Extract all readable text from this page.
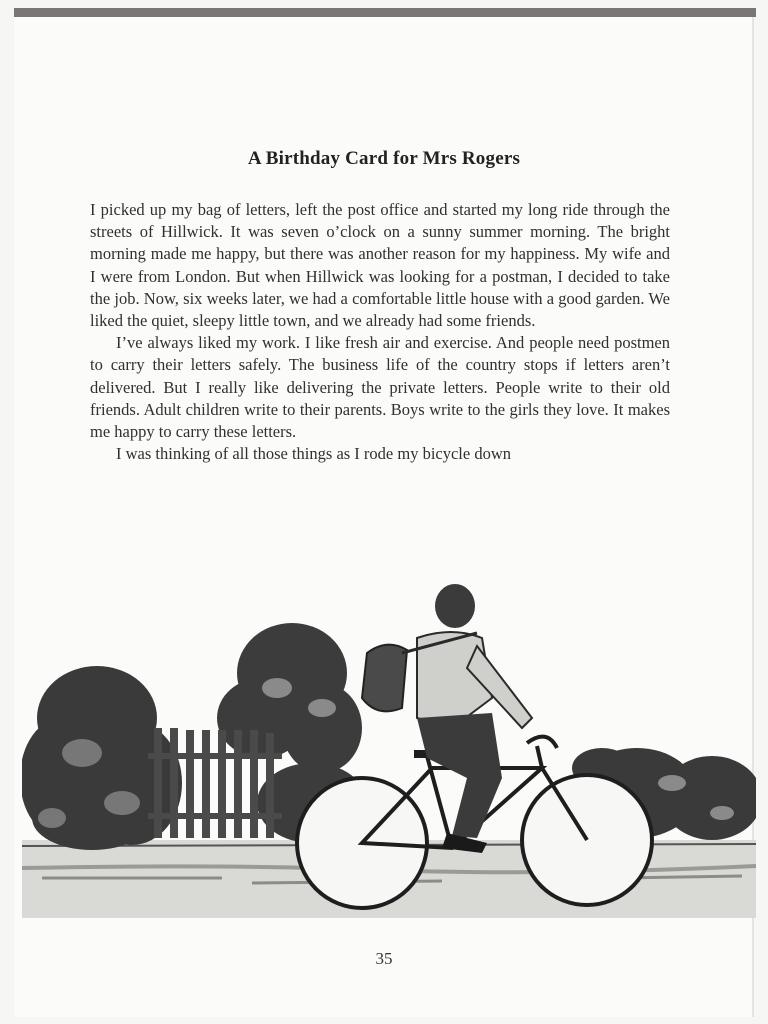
A Birthday Card for Mrs Rogers

I picked up my bag of letters, left the post office and started my long ride through the streets of Hillwick. It was seven o’clock on a sunny summer morning. The bright morning made me happy, but there was another reason for my happiness. My wife and I were from London. But when Hillwick was looking for a postman, I decided to take the job. Now, six weeks later, we had a comfortable little house with a good garden. We liked the quiet, sleepy little town, and we already had some friends.

I’ve always liked my work. I like fresh air and exercise. And people need postmen to carry their letters safely. The business life of the country stops if letters aren’t delivered. But I really like delivering the private letters. People write to their old friends. Adult children write to their parents. Boys write to the girls they love. It makes me happy to carry these letters.

I was thinking of all those things as I rode my bicycle down

35
